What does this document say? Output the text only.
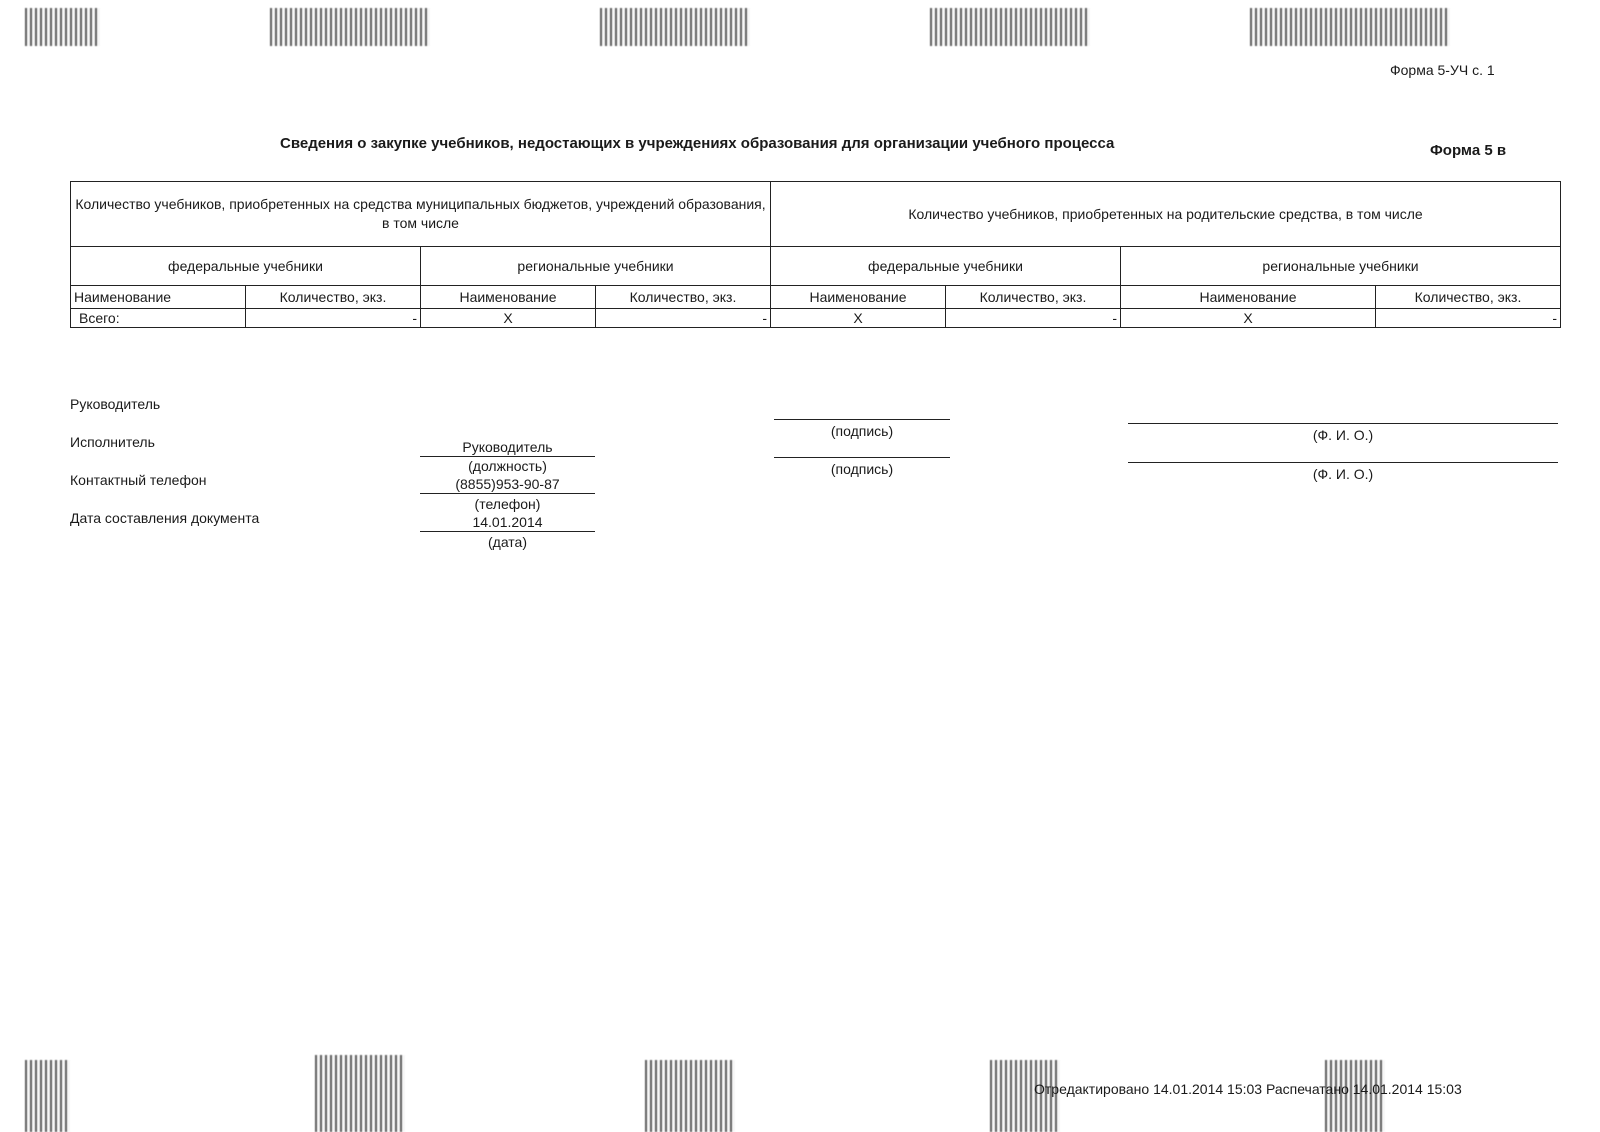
Форма 5-УЧ с. 1
Сведения о закупке учебников, недостающих в учреждениях образования для организации учебного процесса	Форма 5 в
Количество учебников, приобретенных на средства муниципальных бюджетов, учреждений образования, в том числе				Количество учебников, приобретенных на родительские средства, в том числе			
федеральные учебники		региональные учебники		федеральные учебники		региональные учебники	
Наименование	Количество, экз.	Наименование	Количество, экз.	Наименование	Количество, экз.	Наименование	Количество, экз.
Всего:	-	Х	-	Х	-	Х	-
Руководитель
Исполнитель
Контактный телефон
Дата составления документа
Руководитель
(должность)
(8855)953-90-87
(телефон)
14.01.2014
(дата)
(подпись)	(Ф. И. О.)
(подпись)	(Ф. И. О.)
Отредактировано 14.01.2014 15:03 Распечатано 14.01.2014 15:03
